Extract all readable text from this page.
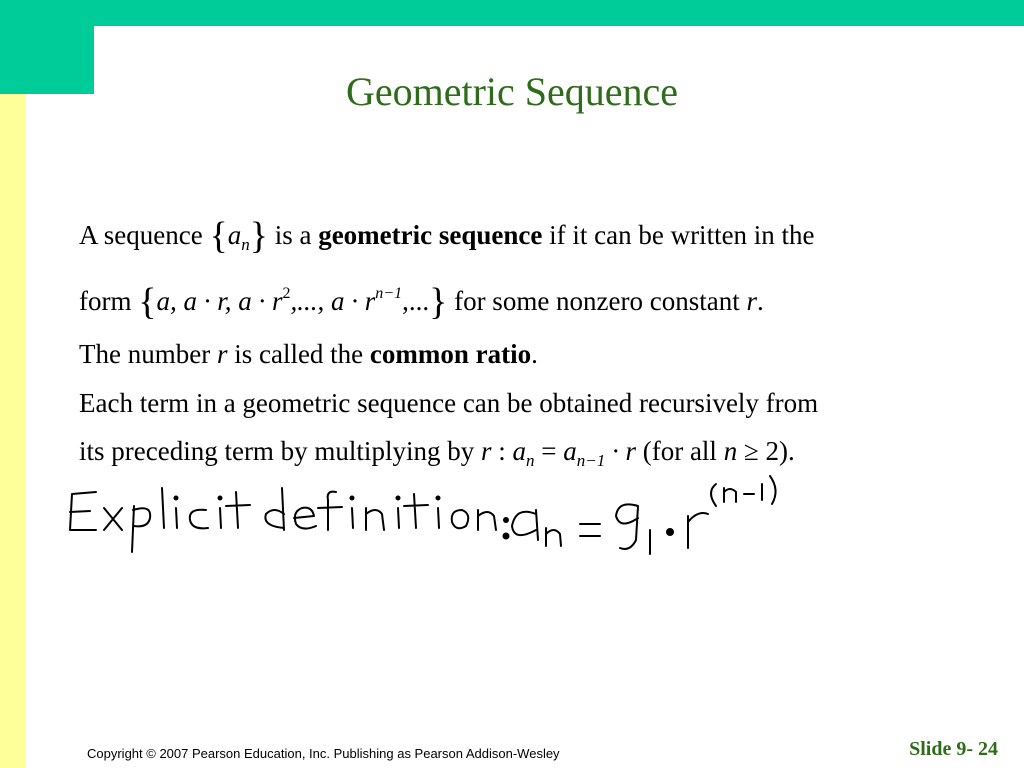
Geometric Sequence
A sequence $\{a_n\}$ is a geometric sequence if it can be written in the
form {a, a · r, $a \cdot r^2$,..., $a \cdot r^{n-1}$,...} for some nonzero constant r.
The number r is called the common ratio.
Each term in a geometric sequence can be obtained recursively from
its preceding term by multiplying by r : $a_n = a_{n-1} \cdot r$ (for all n ≥ 2).
Copyright © 2007 Pearson Education, Inc. Publishing as Pearson Addison-Wesley	Slide 9- 24
